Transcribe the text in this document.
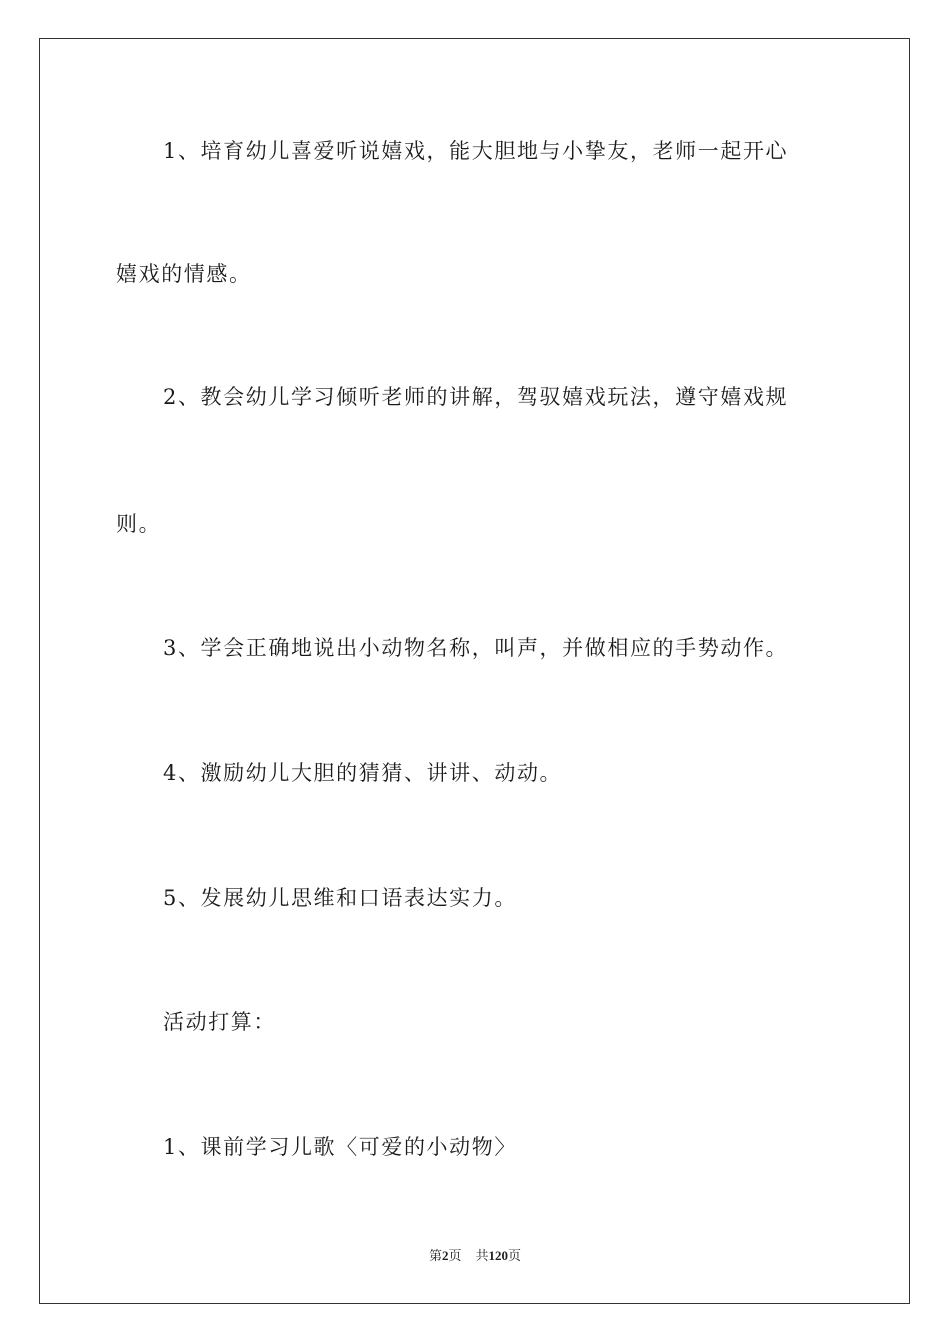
1、培育幼儿喜爱听说嬉戏，能大胆地与小挚友，老师一起开心
嬉戏的情感。
2、教会幼儿学习倾听老师的讲解，驾驭嬉戏玩法，遵守嬉戏规
则。
3、学会正确地说出小动物名称，叫声，并做相应的手势动作。
4、激励幼儿大胆的猜猜、讲讲、动动。
5、发展幼儿思维和口语表达实力。
活动打算：
1、课前学习儿歌〈可爱的小动物〉
第2页 共120页
